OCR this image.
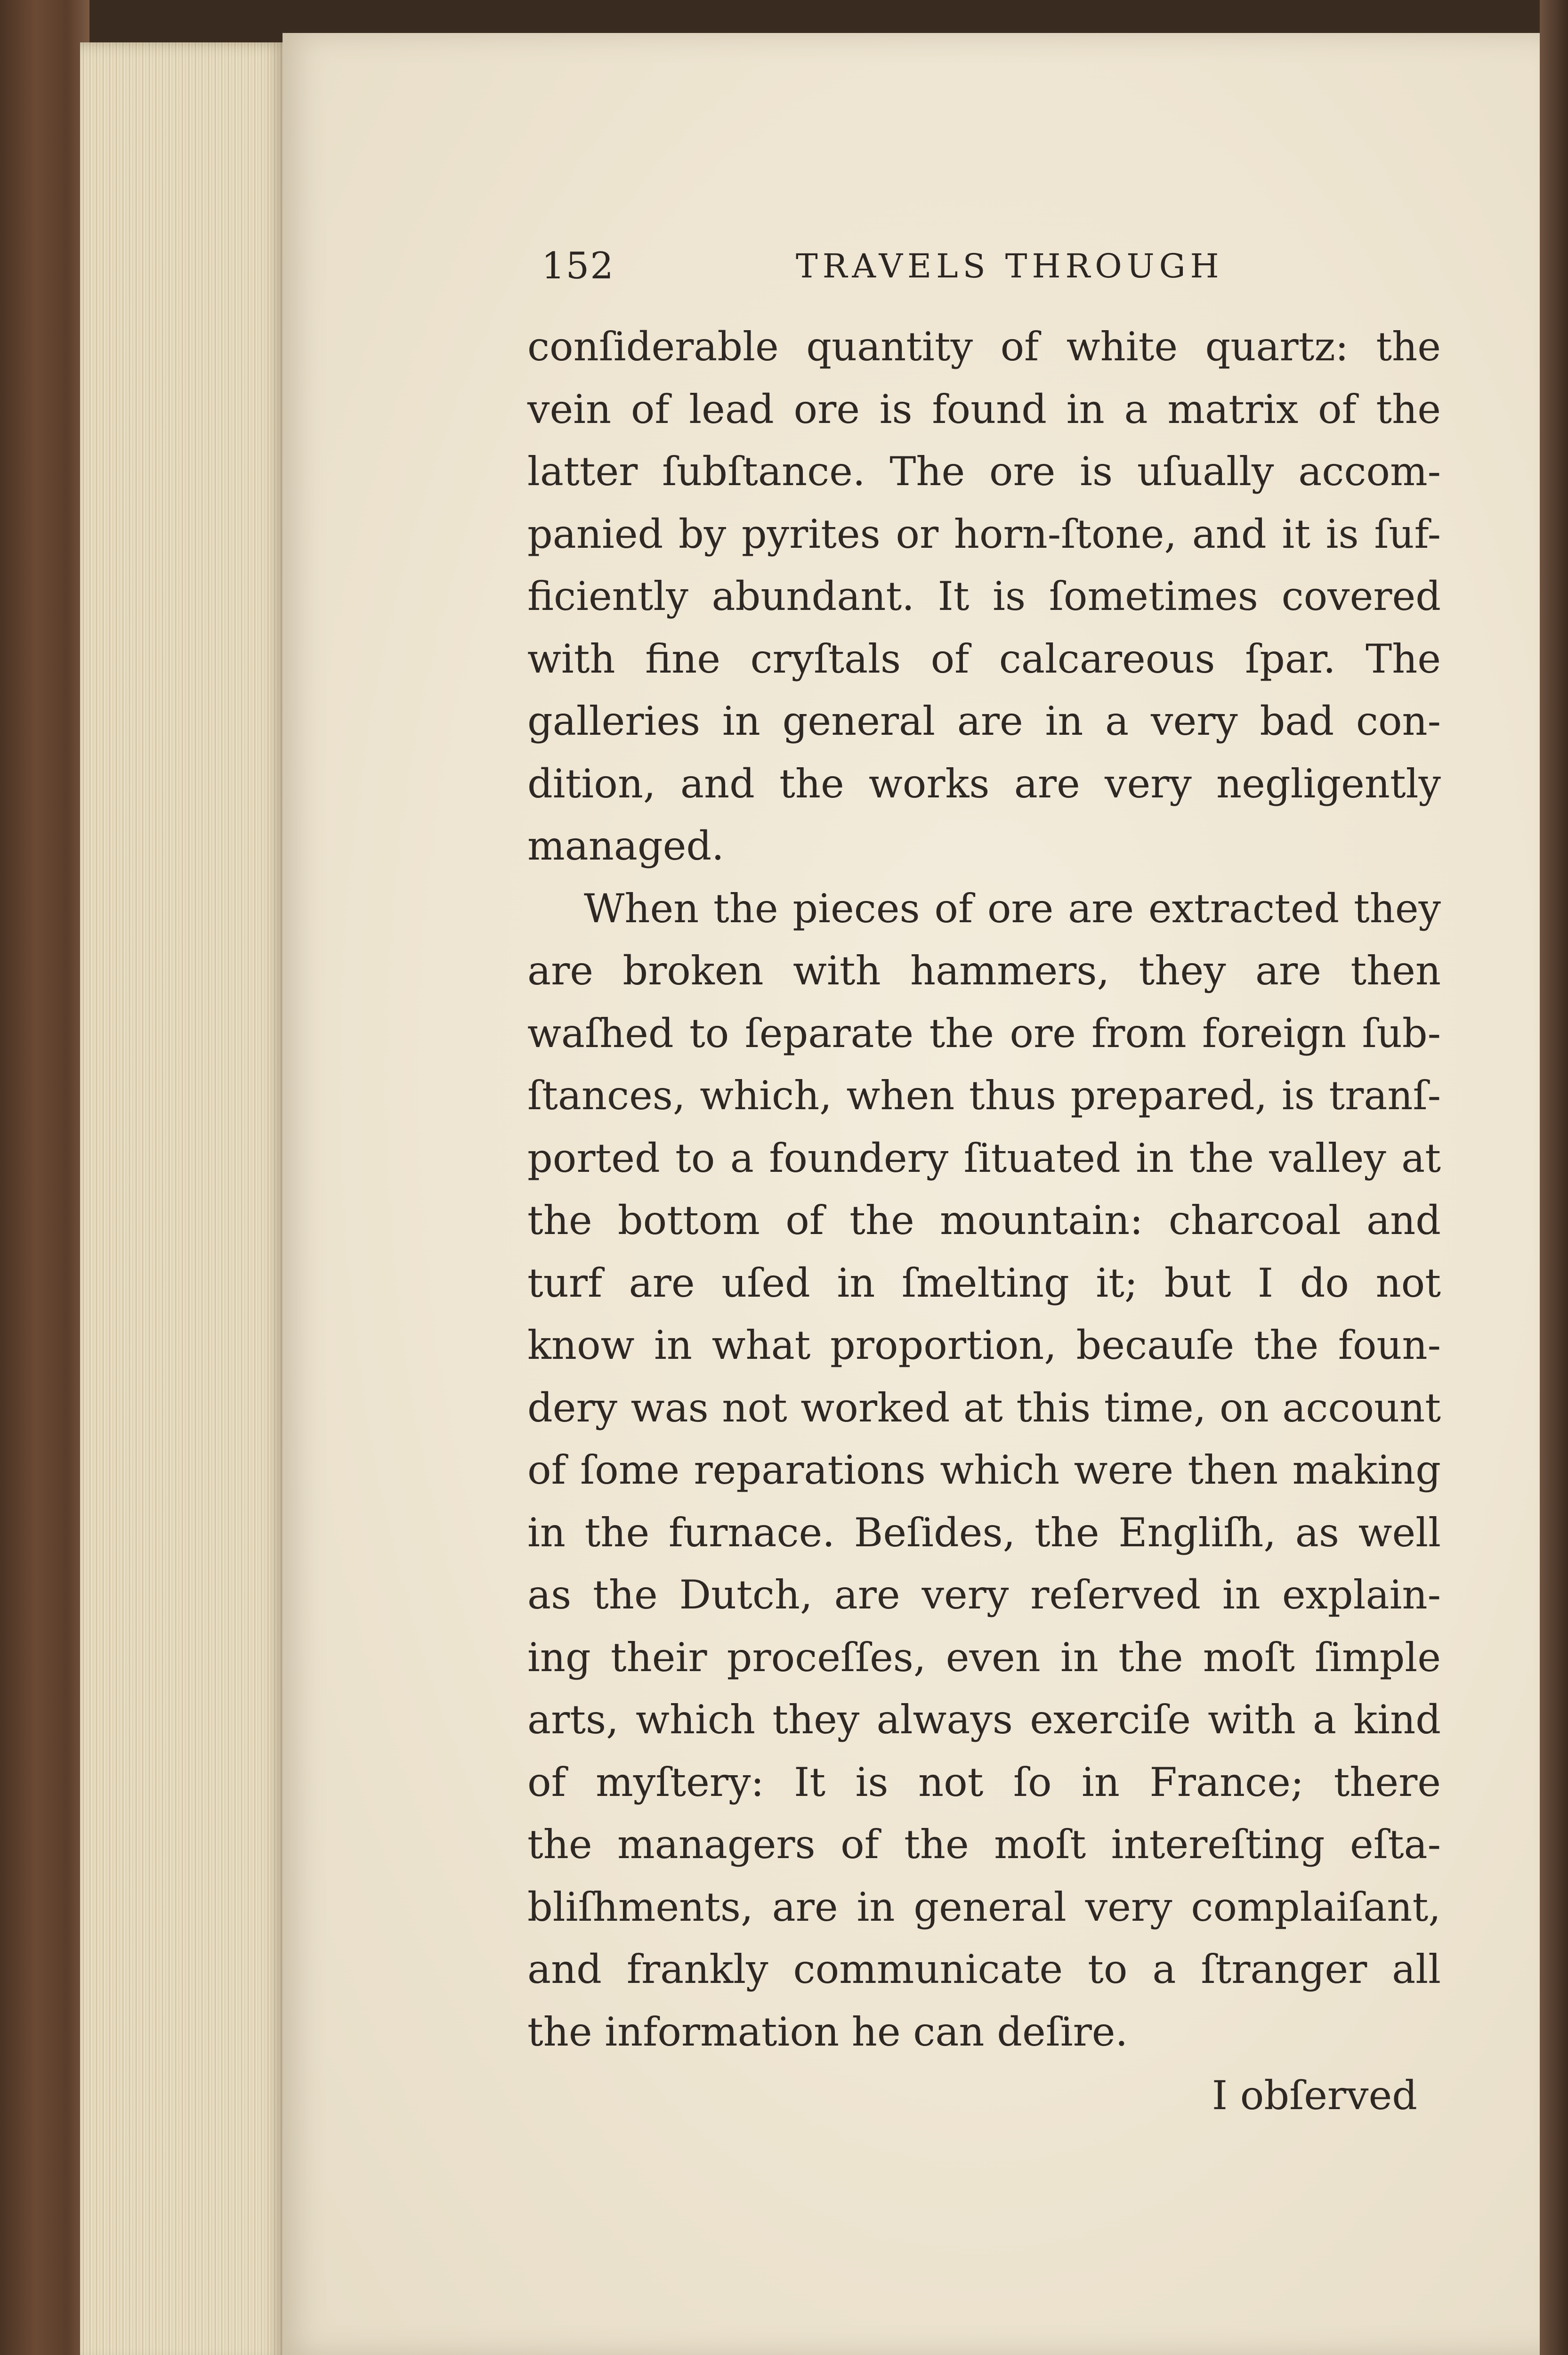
152	TRAVELS THROUGH
conſiderable quantity of white quartz: the
vein of lead ore is found in a matrix of the
latter ſubſtance. The ore is uſually accom-
panied by pyrites or horn-ſtone, and it is ſuf-
ficiently abundant. It is ſometimes covered
with fine cryſtals of calcareous ſpar. The
galleries in general are in a very bad con-
dition, and the works are very negligently
managed.
When the pieces of ore are extracted they
are broken with hammers, they are then
waſhed to ſeparate the ore from foreign ſub-
ſtances, which, when thus prepared, is tranſ-
ported to a foundery ſituated in the valley at
the bottom of the mountain: charcoal and
turf are uſed in ſmelting it; but I do not
know in what proportion, becauſe the foun-
dery was not worked at this time, on account
of ſome reparations which were then making
in the furnace. Beſides, the Engliſh, as well
as the Dutch, are very reſerved in explain-
ing their proceſſes, even in the moſt ſimple
arts, which they always exerciſe with a kind
of myſtery: It is not ſo in France; there
the managers of the moſt intereſting eſta-
bliſhments, are in general very complaiſant,
and frankly communicate to a ſtranger all
the information he can deſire.
I obſerved
